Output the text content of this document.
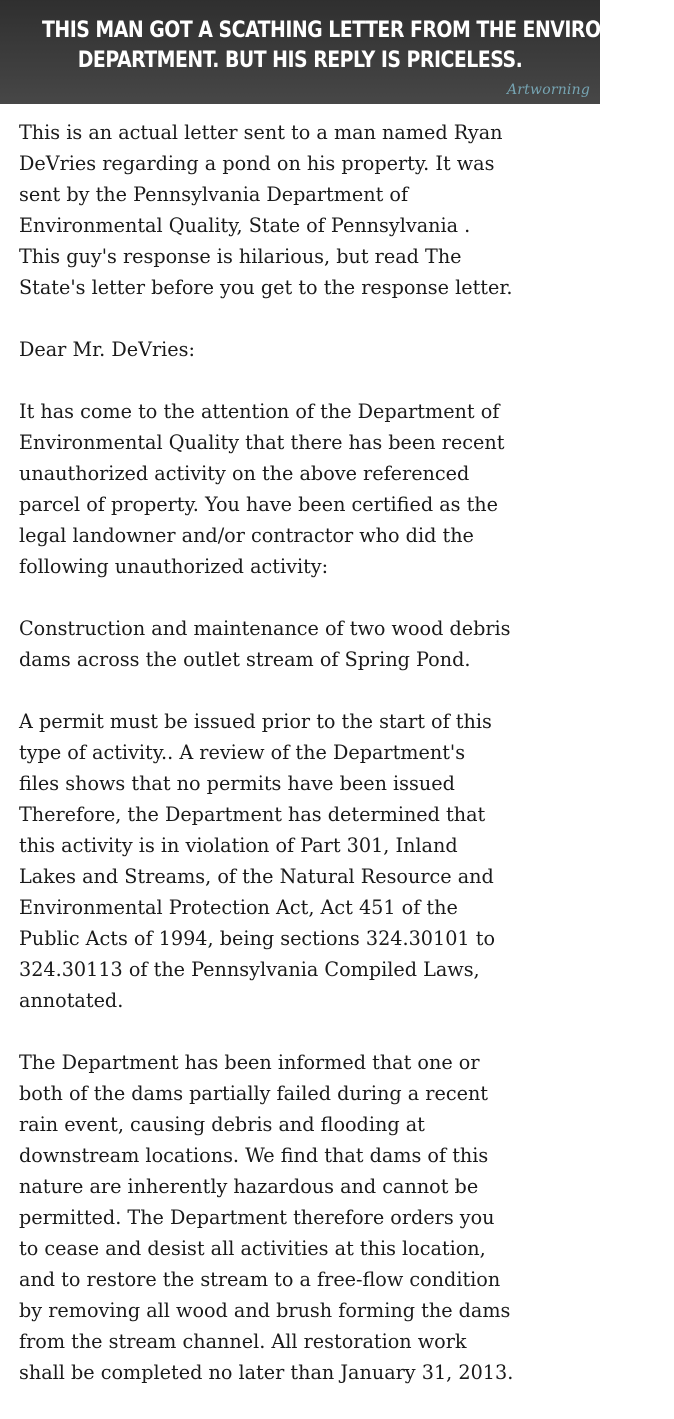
THIS MAN GOT A SCATHING LETTER FROM THE ENVIRONMENT
DEPARTMENT. BUT HIS REPLY IS PRICELESS.
Artworning

This is an actual letter sent to a man named Ryan
DeVries regarding a pond on his property. It was
sent by the Pennsylvania Department of
Environmental Quality, State of Pennsylvania .
This guy's response is hilarious, but read The
State's letter before you get to the response letter.

Dear Mr. DeVries:

It has come to the attention of the Department of
Environmental Quality that there has been recent
unauthorized activity on the above referenced
parcel of property. You have been certified as the
legal landowner and/or contractor who did the
following unauthorized activity:

Construction and maintenance of two wood debris
dams across the outlet stream of Spring Pond.

A permit must be issued prior to the start of this
type of activity.. A review of the Department's
files shows that no permits have been issued
Therefore, the Department has determined that
this activity is in violation of Part 301, Inland
Lakes and Streams, of the Natural Resource and
Environmental Protection Act, Act 451 of the
Public Acts of 1994, being sections 324.30101 to
324.30113 of the Pennsylvania Compiled Laws,
annotated.

The Department has been informed that one or
both of the dams partially failed during a recent
rain event, causing debris and flooding at
downstream locations. We find that dams of this
nature are inherently hazardous and cannot be
permitted. The Department therefore orders you
to cease and desist all activities at this location,
and to restore the stream to a free-flow condition
by removing all wood and brush forming the dams
from the stream channel. All restoration work
shall be completed no later than January 31, 2013.
